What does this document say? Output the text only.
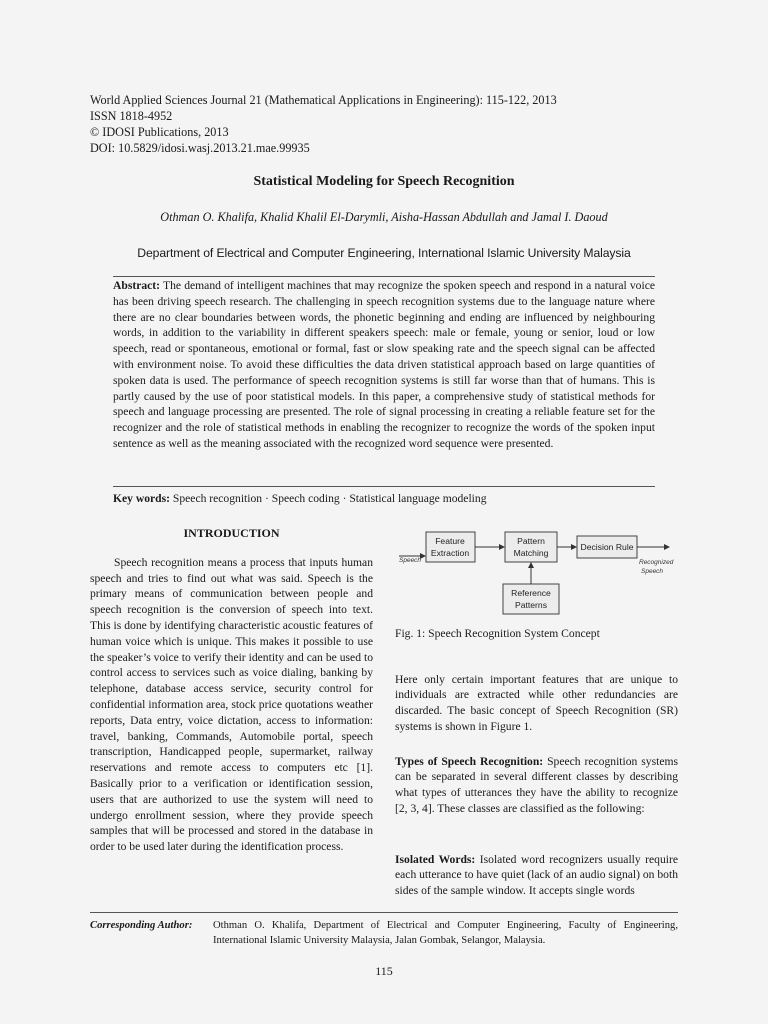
World Applied Sciences Journal 21 (Mathematical Applications in Engineering): 115-122, 2013
ISSN 1818-4952
© IDOSI Publications, 2013
DOI: 10.5829/idosi.wasj.2013.21.mae.99935
Statistical Modeling for Speech Recognition
Othman O. Khalifa, Khalid Khalil El-Darymli, Aisha-Hassan Abdullah and Jamal I. Daoud
Department of Electrical and Computer Engineering, International Islamic University Malaysia
Abstract: The demand of intelligent machines that may recognize the spoken speech and respond in a natural voice has been driving speech research. The challenging in speech recognition systems due to the language nature where there are no clear boundaries between words, the phonetic beginning and ending are influenced by neighbouring words, in addition to the variability in different speakers speech: male or female, young or senior, loud or low speech, read or spontaneous, emotional or formal, fast or slow speaking rate and the speech signal can be affected with environment noise. To avoid these difficulties the data driven statistical approach based on large quantities of spoken data is used. The performance of speech recognition systems is still far worse than that of humans. This is partly caused by the use of poor statistical models. In this paper, a comprehensive study of statistical methods for speech and language processing are presented. The role of signal processing in creating a reliable feature set for the recognizer and the role of statistical methods in enabling the recognizer to recognize the words of the spoken input sentence as well as the meaning associated with the recognized word sequence were presented.
Key words: Speech recognition · Speech coding · Statistical language modeling
INTRODUCTION

Speech recognition means a process that inputs human speech and tries to find out what was said. Speech is the primary means of communication between people and speech recognition is the conversion of speech into text. This is done by identifying characteristic acoustic features of human voice which is unique. This makes it possible to use the speaker’s voice to verify their identity and can be used to control access to services such as voice dialing, banking by telephone, database access service, security control for confidential information area, stock price quotations weather reports, Data entry, voice dictation, access to information: travel, banking, Commands, Automobile portal, speech transcription, Handicapped people, supermarket, railway reservations and remote access to computers etc [1]. Basically prior to a verification or identification session, users that are authorized to use the system will need to undergo enrollment session, where they provide speech samples that will be processed and stored in the database in order to be used later during the identification process.

Speech
Feature
Extraction
Pattern
Matching
Decision Rule
Recognized
Speech
Reference
Patterns
Fig. 1: Speech Recognition System Concept

Here only certain important features that are unique to individuals are extracted while other redundancies are discarded. The basic concept of Speech Recognition (SR) systems is shown in Figure 1.

Types of Speech Recognition: Speech recognition systems can be separated in several different classes by describing what types of utterances they have the ability to recognize [2, 3, 4]. These classes are classified as the following:

Isolated Words: Isolated word recognizers usually require each utterance to have quiet (lack of an audio signal) on both sides of the sample window. It accepts single words

Corresponding Author: Othman O. Khalifa, Department of Electrical and Computer Engineering, Faculty of Engineering, International Islamic University Malaysia, Jalan Gombak, Selangor, Malaysia.
115
